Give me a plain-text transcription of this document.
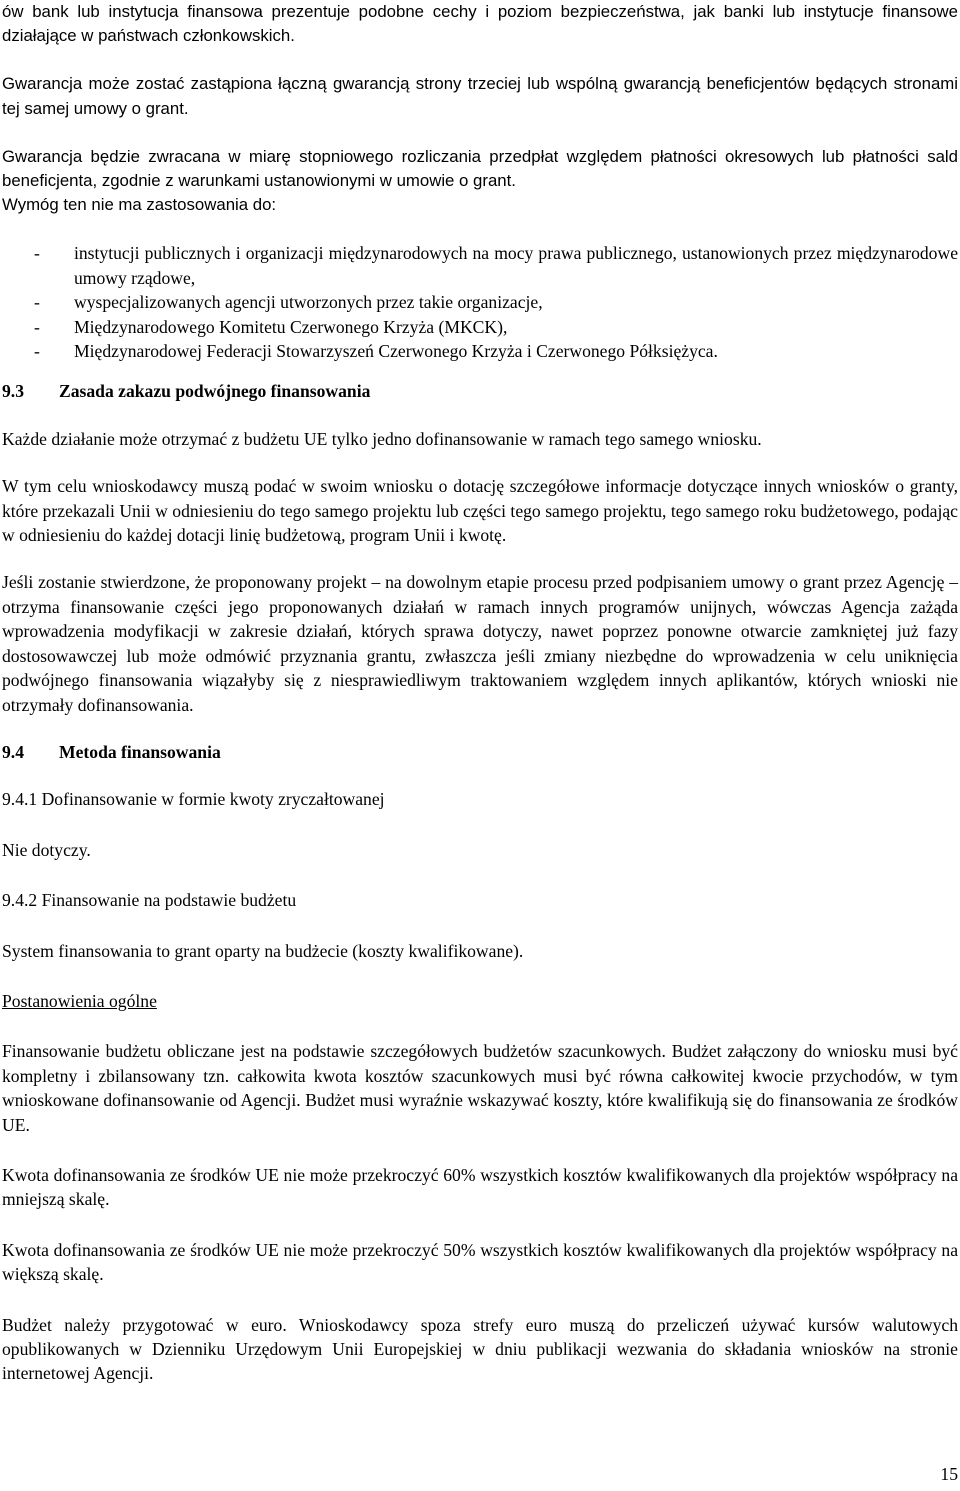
ów bank lub instytucja finansowa prezentuje podobne cechy i poziom bezpieczeństwa, jak banki lub instytucje finansowe działające w państwach członkowskich.

Gwarancja może zostać zastąpiona łączną gwarancją strony trzeciej lub wspólną gwarancją beneficjentów będących stronami tej samej umowy o grant.

Gwarancja będzie zwracana w miarę stopniowego rozliczania przedpłat względem płatności okresowych lub płatności sald beneficjenta, zgodnie z warunkami ustanowionymi w umowie o grant.
Wymóg ten nie ma zastosowania do:

- instytucji publicznych i organizacji międzynarodowych na mocy prawa publicznego, ustanowionych przez międzynarodowe umowy rządowe,
- wyspecjalizowanych agencji utworzonych przez takie organizacje,
- Międzynarodowego Komitetu Czerwonego Krzyża (MKCK),
- Międzynarodowej Federacji Stowarzyszeń Czerwonego Krzyża i Czerwonego Półksiężyca.

9.3 Zasada zakazu podwójnego finansowania

Każde działanie może otrzymać z budżetu UE tylko jedno dofinansowanie w ramach tego samego wniosku.

W tym celu wnioskodawcy muszą podać w swoim wniosku o dotację szczegółowe informacje dotyczące innych wniosków o granty, które przekazali Unii w odniesieniu do tego samego projektu lub części tego samego projektu, tego samego roku budżetowego, podając w odniesieniu do każdej dotacji linię budżetową, program Unii i kwotę.

Jeśli zostanie stwierdzone, że proponowany projekt – na dowolnym etapie procesu przed podpisaniem umowy o grant przez Agencję – otrzyma finansowanie części jego proponowanych działań w ramach innych programów unijnych, wówczas Agencja zażąda wprowadzenia modyfikacji w zakresie działań, których sprawa dotyczy, nawet poprzez ponowne otwarcie zamkniętej już fazy dostosowawczej lub może odmówić przyznania grantu, zwłaszcza jeśli zmiany niezbędne do wprowadzenia w celu uniknięcia podwójnego finansowania wiązałyby się z niesprawiedliwym traktowaniem względem innych aplikantów, których wnioski nie otrzymały dofinansowania.

9.4 Metoda finansowania

9.4.1 Dofinansowanie w formie kwoty zryczałtowanej

Nie dotyczy.

9.4.2 Finansowanie na podstawie budżetu

System finansowania to grant oparty na budżecie (koszty kwalifikowane).

Postanowienia ogólne

Finansowanie budżetu obliczane jest na podstawie szczegółowych budżetów szacunkowych. Budżet załączony do wniosku musi być kompletny i zbilansowany tzn. całkowita kwota kosztów szacunkowych musi być równa całkowitej kwocie przychodów, w tym wnioskowane dofinansowanie od Agencji. Budżet musi wyraźnie wskazywać koszty, które kwalifikują się do finansowania ze środków UE.

Kwota dofinansowania ze środków UE nie może przekroczyć 60% wszystkich kosztów kwalifikowanych dla projektów współpracy na mniejszą skalę.

Kwota dofinansowania ze środków UE nie może przekroczyć 50% wszystkich kosztów kwalifikowanych dla projektów współpracy na większą skalę.

Budżet należy przygotować w euro. Wnioskodawcy spoza strefy euro muszą do przeliczeń używać kursów walutowych opublikowanych w Dzienniku Urzędowym Unii Europejskiej w dniu publikacji wezwania do składania wniosków na stronie internetowej Agencji.

15
